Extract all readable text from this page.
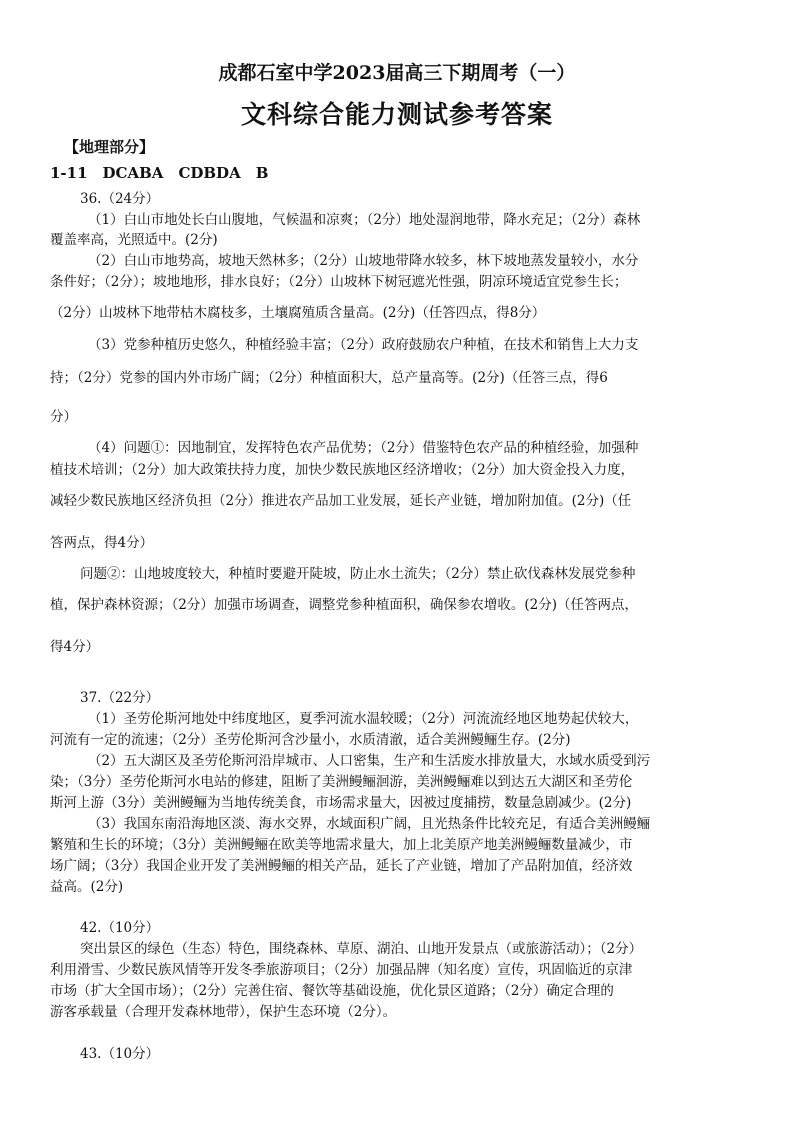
成都石室中学2023届高三下期周考（一）
文科综合能力测试参考答案
【地理部分】
1-11　DCABA　CDBDA　B
36.（24分）
（1）白山市地处长白山腹地，气候温和凉爽；（2分）地处湿润地带，降水充足；（2分）森林
覆盖率高，光照适中。(2分)
（2）白山市地势高，坡地天然林多；（2分）山坡地带降水较多，林下坡地蒸发量较小，水分
条件好；（2分）；坡地地形，排水良好；（2分）山坡林下树冠遮光性强，阴凉环境适宜党参生长；
（2分）山坡林下地带枯木腐枝多，土壤腐殖质含量高。(2分)（任答四点，得8分）
（3）党参种植历史悠久，种植经验丰富；（2分）政府鼓励农户种植，在技术和销售上大力支
持；（2分）党参的国内外市场广阔；（2分）种植面积大，总产量高等。(2分)（任答三点，得6
分）
（4）问题①：因地制宜，发挥特色农产品优势；（2分）借鉴特色农产品的种植经验，加强种
植技术培训；（2分）加大政策扶持力度，加快少数民族地区经济增收；（2分）加大资金投入力度，
减轻少数民族地区经济负担（2分）推进农产品加工业发展，延长产业链，增加附加值。(2分)（任
答两点，得4分）
问题②：山地坡度较大，种植时要避开陡坡，防止水土流失；（2分）禁止砍伐森林发展党参种
植，保护森林资源；（2分）加强市场调查，调整党参种植面积，确保参农增收。(2分)（任答两点，
得4分）
37.（22分）
（1）圣劳伦斯河地处中纬度地区，夏季河流水温较暖；（2分）河流流经地区地势起伏较大，
河流有一定的流速；（2分）圣劳伦斯河含沙量小，水质清澈，适合美洲鳗鲡生存。(2分)
（2）五大湖区及圣劳伦斯河沿岸城市、人口密集，生产和生活废水排放量大，水域水质受到污
染；（3分）圣劳伦斯河水电站的修建，阻断了美洲鳗鲡洄游，美洲鳗鲡难以到达五大湖区和圣劳伦
斯河上游（3分）美洲鳗鲡为当地传统美食，市场需求量大，因被过度捕捞，数量急剧减少。(2分)
（3）我国东南沿海地区淡、海水交界，水域面积广阔，且光热条件比较充足，有适合美洲鳗鲡
繁殖和生长的环境；（3分）美洲鳗鲡在欧美等地需求量大，加上北美原产地美洲鳗鲡数量减少，市
场广阔；（3分）我国企业开发了美洲鳗鲡的相关产品，延长了产业链，增加了产品附加值，经济效
益高。(2分)
42.（10分）
突出景区的绿色（生态）特色，围绕森林、草原、湖泊、山地开发景点（或旅游活动）；（2分）
利用滑雪、少数民族风情等开发冬季旅游项目；（2分）加强品牌（知名度）宣传，巩固临近的京津
市场（扩大全国市场）；（2分）完善住宿、餐饮等基础设施，优化景区道路；（2分）确定合理的
游客承载量（合理开发森林地带），保护生态环境（2分）。
43.（10分）
